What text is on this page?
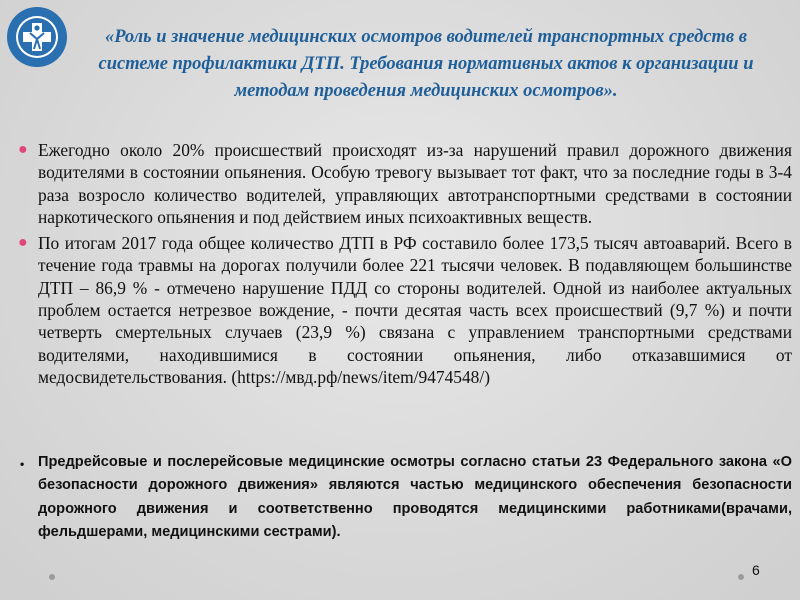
«Роль и значение медицинских осмотров водителей транспортных средств в системе профилактики ДТП. Требования нормативных актов к организации и методам проведения медицинских осмотров».
● Ежегодно около 20% происшествий происходят из-за нарушений правил дорожного движения водителями в состоянии опьянения. Особую тревогу вызывает тот факт, что за последние годы в 3-4 раза возросло количество водителей, управляющих автотранспортными средствами в состоянии наркотического опьянения и под действием иных психоактивных веществ.
● По итогам 2017 года общее количество ДТП в РФ составило более 173,5 тысяч автоаварий. Всего в течение года травмы на дорогах получили более 221 тысячи человек. В подавляющем большинстве ДТП – 86,9 % - отмечено нарушение ПДД со стороны водителей. Одной из наиболее актуальных проблем остается нетрезвое вождение, - почти десятая часть всех происшествий (9,7 %) и почти четверть смертельных случаев (23,9 %) связана с управлением транспортными средствами водителями, находившимися в состоянии опьянения, либо отказавшимися от медосвидетельствования. (https://мвд.рф/news/item/9474548/)
• Предрейсовые и послерейсовые медицинские осмотры согласно статьи 23 Федерального закона «О безопасности дорожного движения» являются частью медицинского обеспечения безопасности дорожного движения и соответственно проводятся медицинскими работниками(врачами, фельдшерами, медицинскими сестрами).
6
